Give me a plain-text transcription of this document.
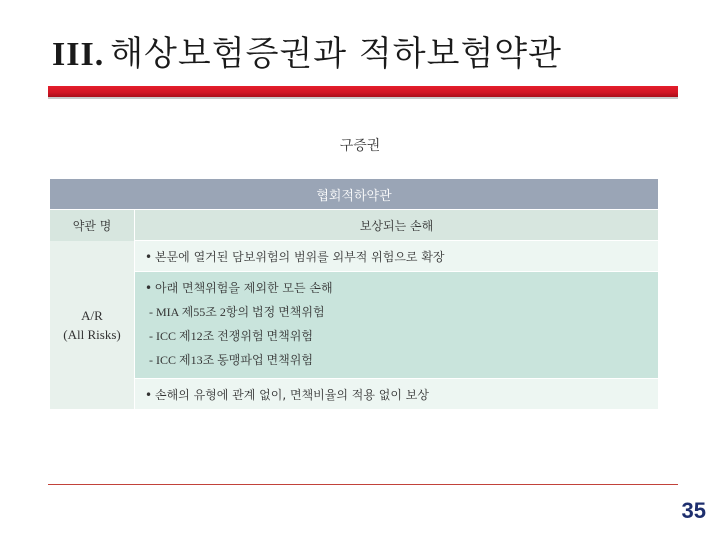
III. 해상보험증권과 적하보험약관
구증권
협회적하약관	
약관 명	보상되는 손해

A/R
(All Risks)	• 본문에 열거된 담보위험의 범위를 외부적 위험으로 확장

	• 아래 면책위험을 제외한 모든 손해
- MIA 제55조 2항의 법정 면책위험
- ICC 제12조 전쟁위험 면책위험
- ICC 제13조 동맹파업 면책위험

	• 손해의 유형에 관계 없이, 면책비율의 적용 없이 보상
35
